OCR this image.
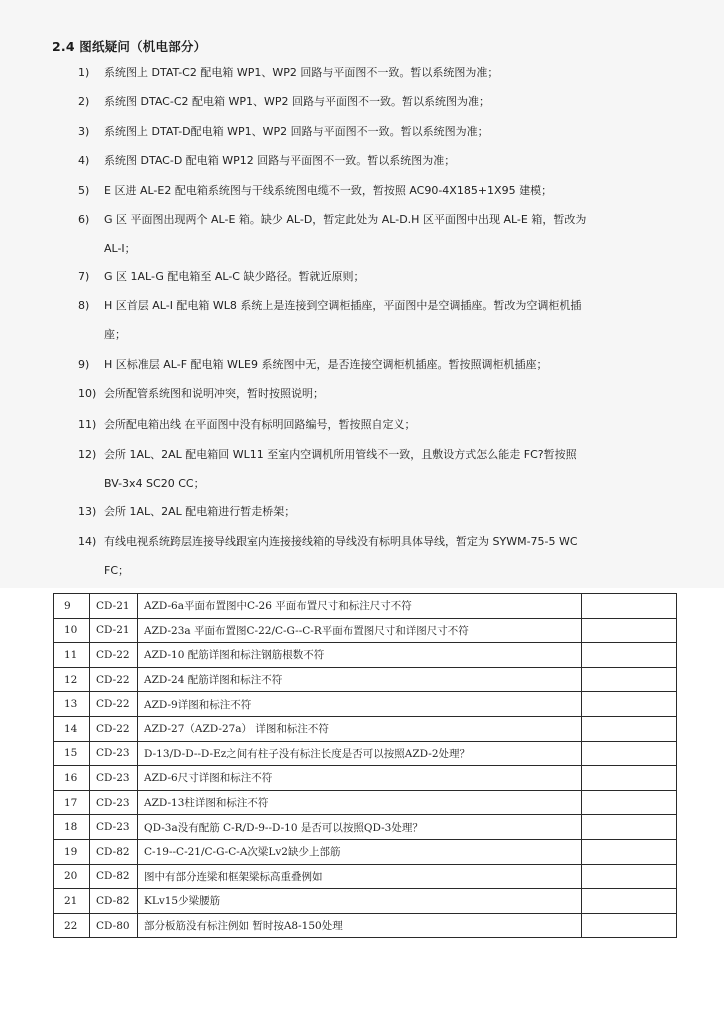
2.4 图纸疑问（机电部分）
1) 系统图上 DTAT-C2 配电箱 WP1、WP2 回路与平面图不一致。暂以系统图为准；
2) 系统图 DTAC-C2 配电箱 WP1、WP2 回路与平面图不一致。暂以系统图为准；
3) 系统图上 DTAT-D配电箱 WP1、WP2 回路与平面图不一致。暂以系统图为准；
4) 系统图 DTAC-D 配电箱 WP12 回路与平面图不一致。暂以系统图为准；
5) E 区进 AL-E2 配电箱系统图与干线系统图电缆不一致，暂按照 AC90-4X185+1X95 建模；
6) G 区 平面图出现两个 AL-E 箱。缺少 AL-D，暂定此处为 AL-D.H 区平面图中出现 AL-E 箱，暂改为
AL-I；
7) G 区 1AL-G 配电箱至 AL-C 缺少路径。暂就近原则；
8) H 区首层 AL-I 配电箱 WL8 系统上是连接到空调柜插座，平面图中是空调插座。暂改为空调柜机插
座；
9) H 区标准层 AL-F 配电箱 WLE9 系统图中无，是否连接空调柜机插座。暂按照调柜机插座；
10) 会所配管系统图和说明冲突，暂时按照说明；
11) 会所配电箱出线 在平面图中没有标明回路编号，暂按照自定义；
12) 会所 1AL、2AL 配电箱回 WL11 至室内空调机所用管线不一致，且敷设方式怎么能走 FC?暂按照
BV-3x4 SC20 CC；
13) 会所 1AL、2AL 配电箱进行暂走桥架；
14) 有线电视系统跨层连接导线跟室内连接接线箱的导线没有标明具体导线，暂定为 SYWM-75-5 WC
FC；
9	CD-21	AZD-6a平面布置图中C-26 平面布置尺寸和标注尺寸不符	
10	CD-21	AZD-23a 平面布置图C-22/C-G--C-R平面布置图尺寸和详图尺寸不符	
11	CD-22	AZD-10 配筋详图和标注钢筋根数不符	
12	CD-22	AZD-24 配筋详图和标注不符	
13	CD-22	AZD-9详图和标注不符	
14	CD-22	AZD-27（AZD-27a） 详图和标注不符	
15	CD-23	D-13/D-D--D-Ez之间有柱子没有标注长度是否可以按照AZD-2处理？	
16	CD-23	AZD-6尺寸详图和标注不符	
17	CD-23	AZD-13柱详图和标注不符	
18	CD-23	QD-3a没有配筋 C-R/D-9--D-10 是否可以按照QD-3处理？	
19	CD-82	C-19--C-21/C-G-C-A次梁Lv2缺少上部筋	
20	CD-82	图中有部分连梁和框架梁标高重叠例如	
21	CD-82	KLv15少梁腰筋	
22	CD-80	部分板筋没有标注例如 暂时按A8-150处理	
